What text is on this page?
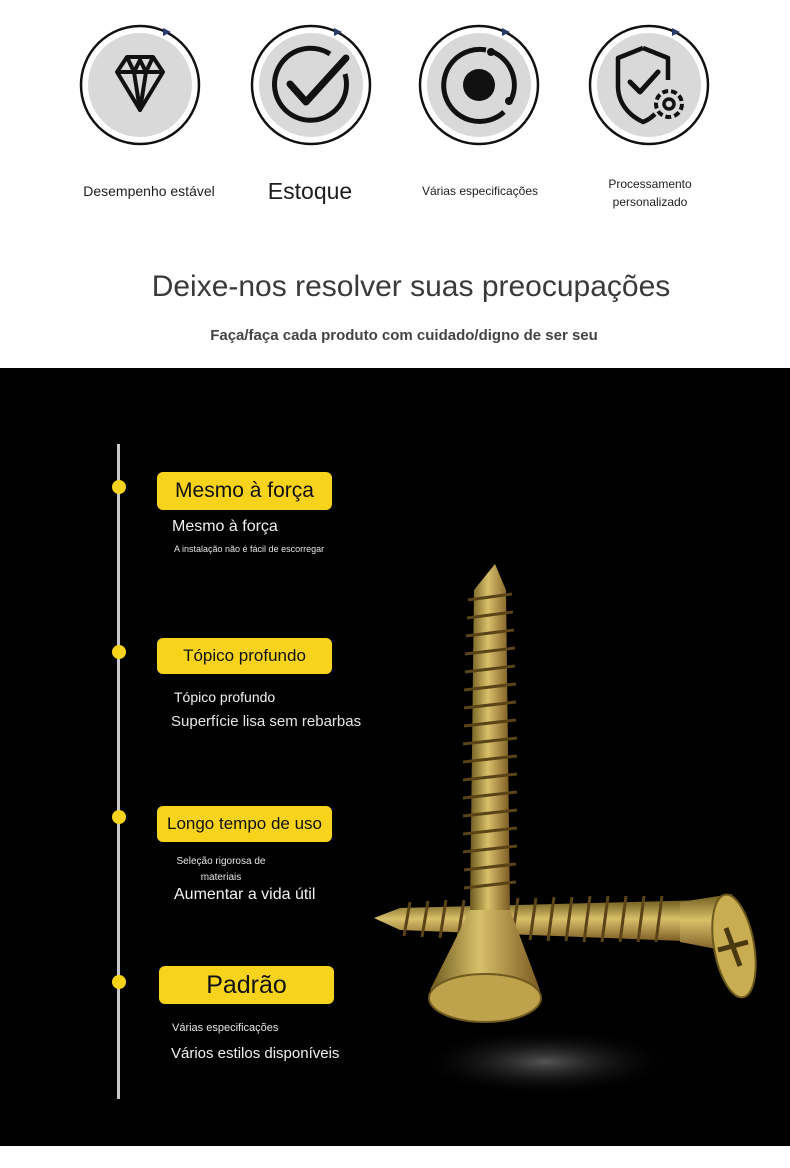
Desempenho estável	Estoque	Várias especificações	Processamento
personalizado
Deixe-nos resolver suas preocupações
Faça/faça cada produto com cuidado/digno de ser seu
Mesmo à força
Mesmo à força
A instalação não é fácil de escorregar
Tópico profundo
Tópico profundo
Superfície lisa sem rebarbas
Longo tempo de uso
Seleção rigorosa de
materiais
Aumentar a vida útil
Padrão
Várias especificações
Vários estilos disponíveis
